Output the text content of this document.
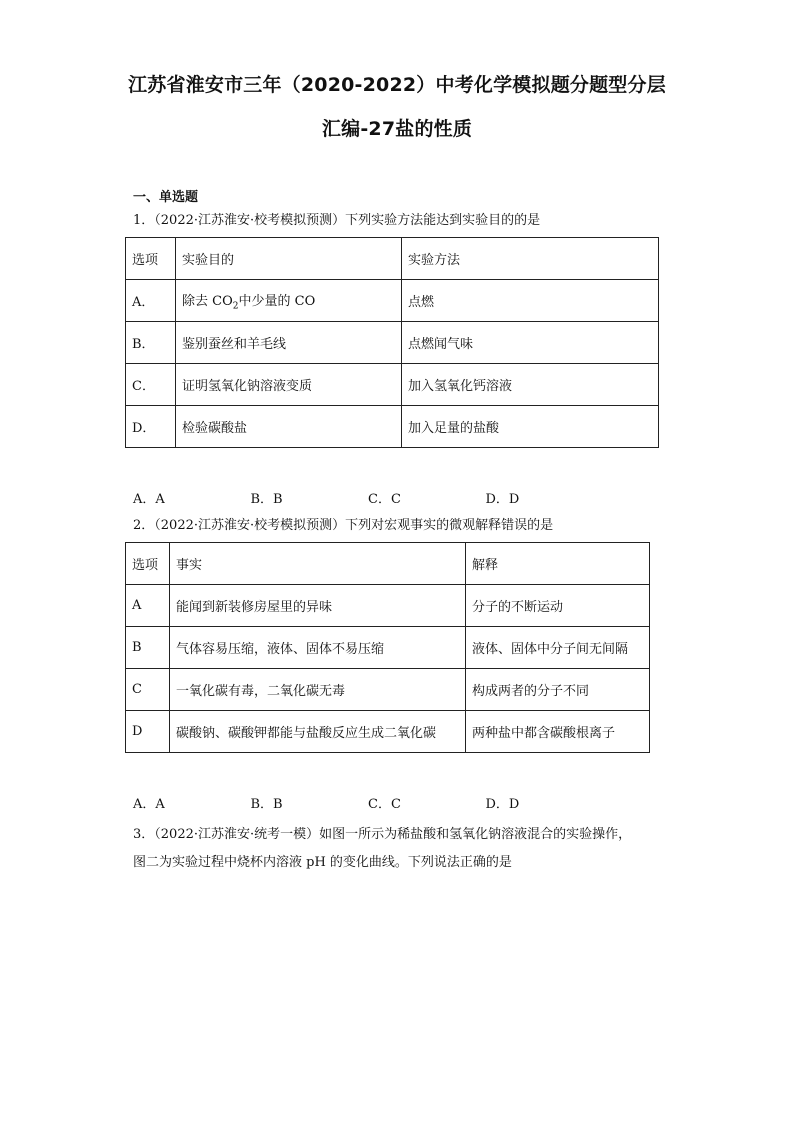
江苏省淮安市三年（2020-2022）中考化学模拟题分题型分层
汇编-27盐的性质
一、单选题
1．（2022·江苏淮安·校考模拟预测）下列实验方法能达到实验目的的是
选项	实验目的	实验方法
A．	除去 $CO_2$中少量的 CO	点燃
B．	鉴别蚕丝和羊毛线	点燃闻气味
C．	证明氢氧化钠溶液变质	加入氢氧化钙溶液
D．	检验碳酸盐	加入足量的盐酸
A．A	B．B	C．C	D．D
2．（2022·江苏淮安·校考模拟预测）下列对宏观事实的微观解释错误的是
选项	事实	解释
A	能闻到新装修房屋里的异味	分子的不断运动
B	气体容易压缩，液体、固体不易压缩	液体、固体中分子间无间隔
C	一氧化碳有毒，二氧化碳无毒	构成两者的分子不同
D	碳酸钠、碳酸钾都能与盐酸反应生成二氧化碳	两种盐中都含碳酸根离子
A．A	B．B	C．C	D．D
3．（2022·江苏淮安·统考一模）如图一所示为稀盐酸和氢氧化钠溶液混合的实验操作，
图二为实验过程中烧杯内溶液 pH 的变化曲线。下列说法正确的是
